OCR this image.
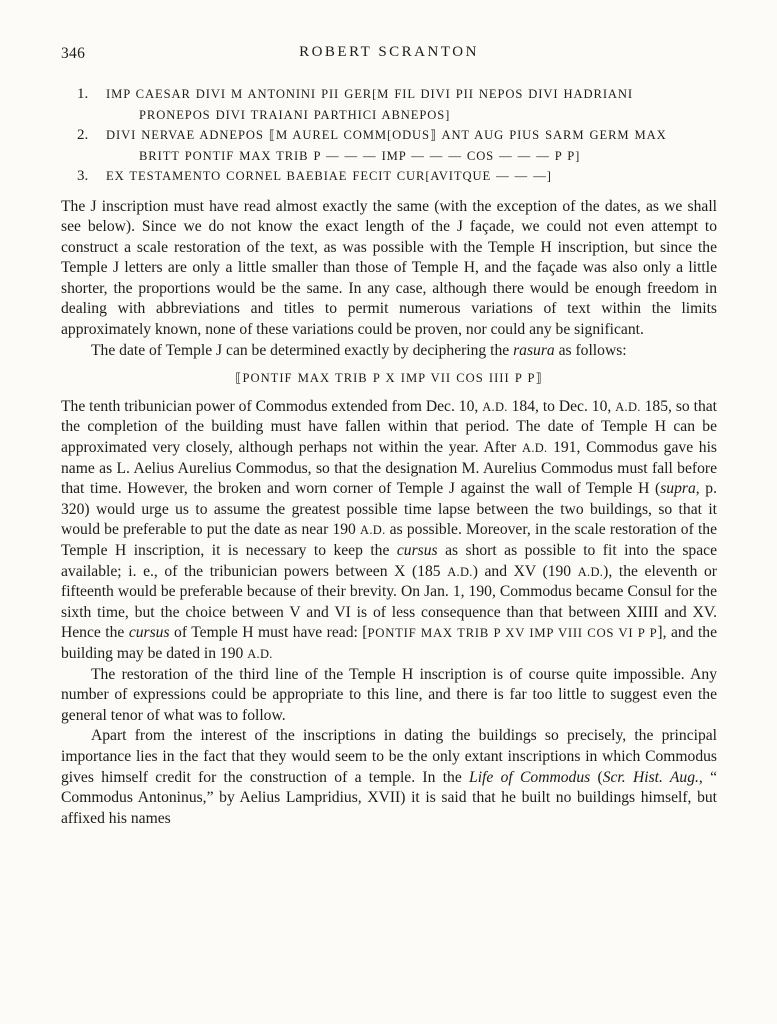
346	ROBERT SCRANTON
1.	IMP CAESAR DIVI M ANTONINI PII GER[M FIL DIVI PII NEPOS DIVI HADRIANI
PRONEPOS DIVI TRAIANI PARTHICI ABNEPOS]
2.	DIVI NERVAE ADNEPOS ⟦M AUREL COMM[ODUS⟧ ANT AUG PIUS SARM GERM MAX
BRITT PONTIF MAX TRIB P — — — IMP — — — COS — — — P P]
3.	EX TESTAMENTO CORNEL BAEBIAE FECIT CUR[AVITQUE — — —]

The J inscription must have read almost exactly the same (with the exception of the dates, as we shall see below). Since we do not know the exact length of the J façade, we could not even attempt to construct a scale restoration of the text, as was possible with the Temple H inscription, but since the Temple J letters are only a little smaller than those of Temple H, and the façade was also only a little shorter, the proportions would be the same. In any case, although there would be enough freedom in dealing with abbreviations and titles to permit numerous variations of text within the limits approximately known, none of these variations could be proven, nor could any be significant.

The date of Temple J can be determined exactly by deciphering the rasura as follows:

⟦PONTIF MAX TRIB P X IMP VII COS IIII P P⟧

The tenth tribunician power of Commodus extended from Dec. 10, A.D. 184, to Dec. 10, A.D. 185, so that the completion of the building must have fallen within that period. The date of Temple H can be approximated very closely, although perhaps not within the year. After A.D. 191, Commodus gave his name as L. Aelius Aurelius Commodus, so that the designation M. Aurelius Commodus must fall before that time. However, the broken and worn corner of Temple J against the wall of Temple H (supra, p. 320) would urge us to assume the greatest possible time lapse between the two buildings, so that it would be preferable to put the date as near 190 A.D. as possible. Moreover, in the scale restoration of the Temple H inscription, it is necessary to keep the cursus as short as possible to fit into the space available; i. e., of the tribunician powers between X (185 A.D.) and XV (190 A.D.), the eleventh or fifteenth would be preferable because of their brevity. On Jan. 1, 190, Commodus became Consul for the sixth time, but the choice between V and VI is of less consequence than that between XIIII and XV. Hence the cursus of Temple H must have read: [PONTIF MAX TRIB P XV IMP VIII COS VI P P], and the building may be dated in 190 A.D.

The restoration of the third line of the Temple H inscription is of course quite impossible. Any number of expressions could be appropriate to this line, and there is far too little to suggest even the general tenor of what was to follow.

Apart from the interest of the inscriptions in dating the buildings so precisely, the principal importance lies in the fact that they would seem to be the only extant inscriptions in which Commodus gives himself credit for the construction of a temple. In the Life of Commodus (Scr. Hist. Aug., “ Commodus Antoninus,” by Aelius Lampridius, XVII) it is said that he built no buildings himself, but affixed his names
